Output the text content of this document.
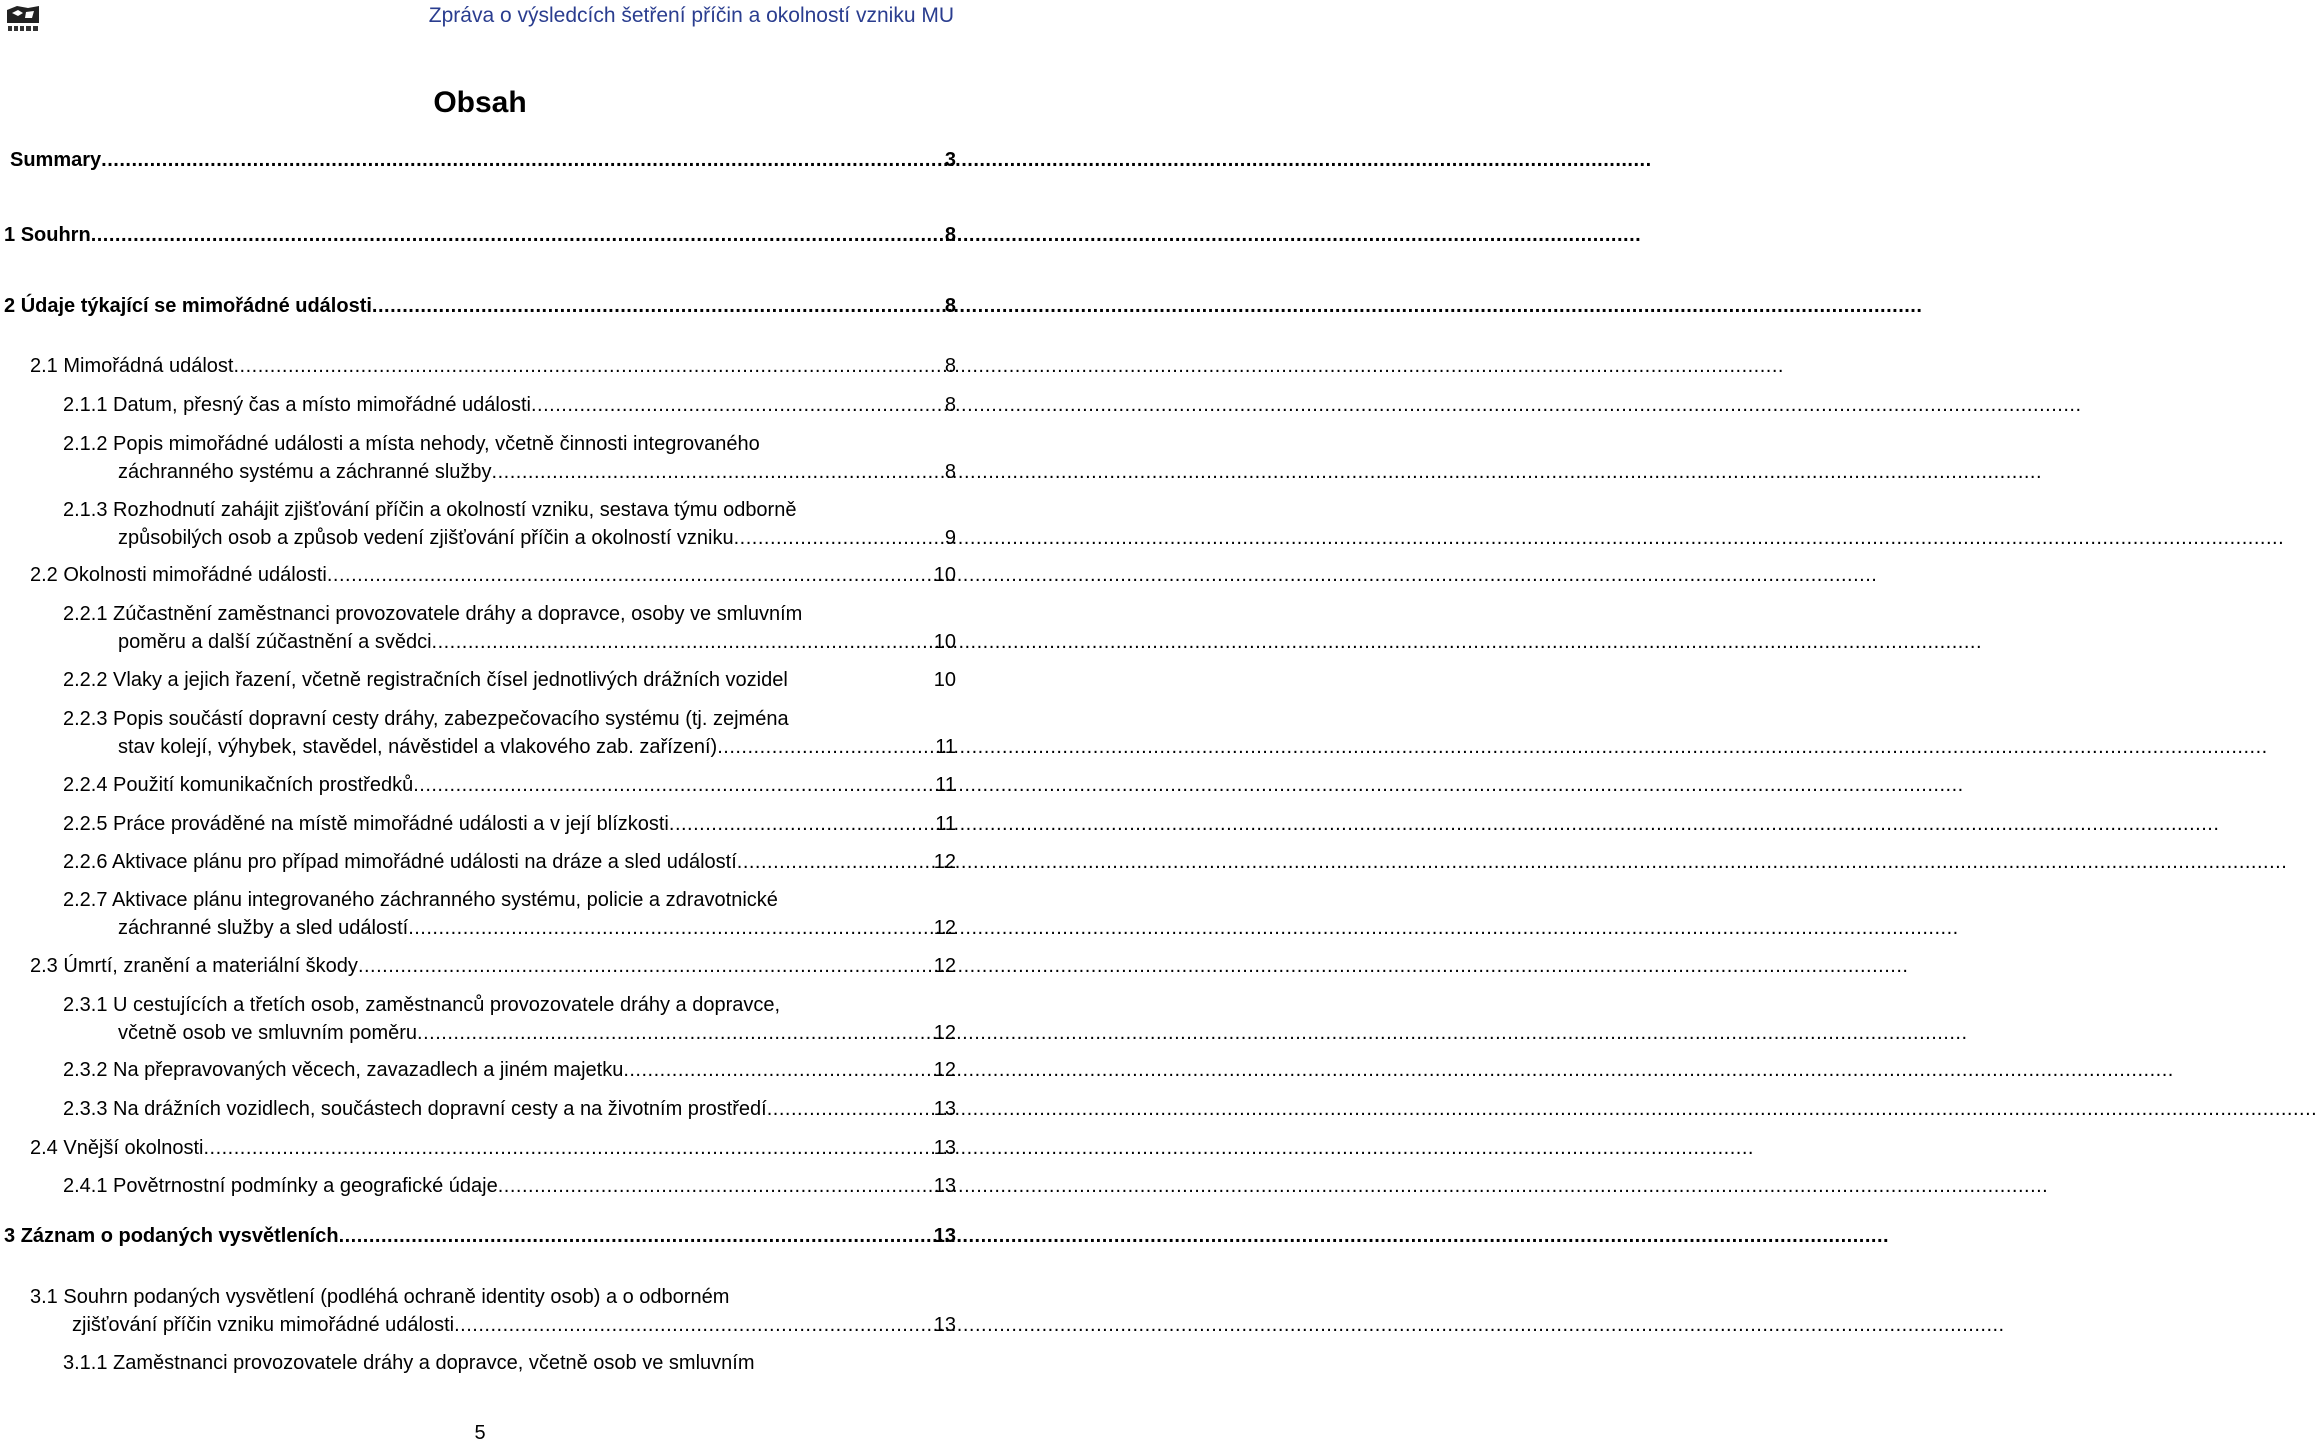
Zpráva o výsledcích šetření příčin a okolností vzniku MU
Obsah
Summary .....	3
1 Souhrn .....	8
2 Údaje týkající se mimořádné události .....	8
2.1 Mimořádná událost .....	8
2.1.1 Datum, přesný čas a místo mimořádné události .....	8
2.1.2 Popis mimořádné události a místa nehody, včetně činnosti integrovaného
záchranného systému a záchranné služby .....	8
2.1.3 Rozhodnutí zahájit zjišťování příčin a okolností vzniku, sestava týmu odborně
způsobilých osob a způsob vedení zjišťování příčin a okolností vzniku .....	9
2.2 Okolnosti mimořádné události .....	10
2.2.1 Zúčastnění zaměstnanci provozovatele dráhy a dopravce, osoby ve smluvním
poměru a další zúčastnění a svědci .....	10
2.2.2 Vlaky a jejich řazení, včetně registračních čísel jednotlivých drážních vozidel	10
2.2.3 Popis součástí dopravní cesty dráhy, zabezpečovacího systému (tj. zejména
stav kolejí, výhybek, stavědel, návěstidel a vlakového zab. zařízení) .....	11
2.2.4 Použití komunikačních prostředků .....	11
2.2.5 Práce prováděné na místě mimořádné události a v její blízkosti .....	11
2.2.6 Aktivace plánu pro případ mimořádné události na dráze a sled událostí .....	12
2.2.7 Aktivace plánu integrovaného záchranného systému, policie a zdravotnické
záchranné služby a sled událostí .....	12
2.3 Úmrtí, zranění a materiální škody .....	12
2.3.1 U cestujících a třetích osob, zaměstnanců provozovatele dráhy a dopravce,
včetně osob ve smluvním poměru .....	12
2.3.2 Na přepravovaných věcech, zavazadlech a jiném majetku .....	12
2.3.3 Na drážních vozidlech, součástech dopravní cesty a na životním prostředí .....	13
2.4 Vnější okolnosti .....	13
2.4.1 Povětrnostní podmínky a geografické údaje .....	13
3 Záznam o podaných vysvětleních .....	13
3.1 Souhrn podaných vysvětlení (podléhá ochraně identity osob) a o odborném
zjišťování příčin vzniku mimořádné události .....	13
3.1.1 Zaměstnanci provozovatele dráhy a dopravce, včetně osob ve smluvním
5
